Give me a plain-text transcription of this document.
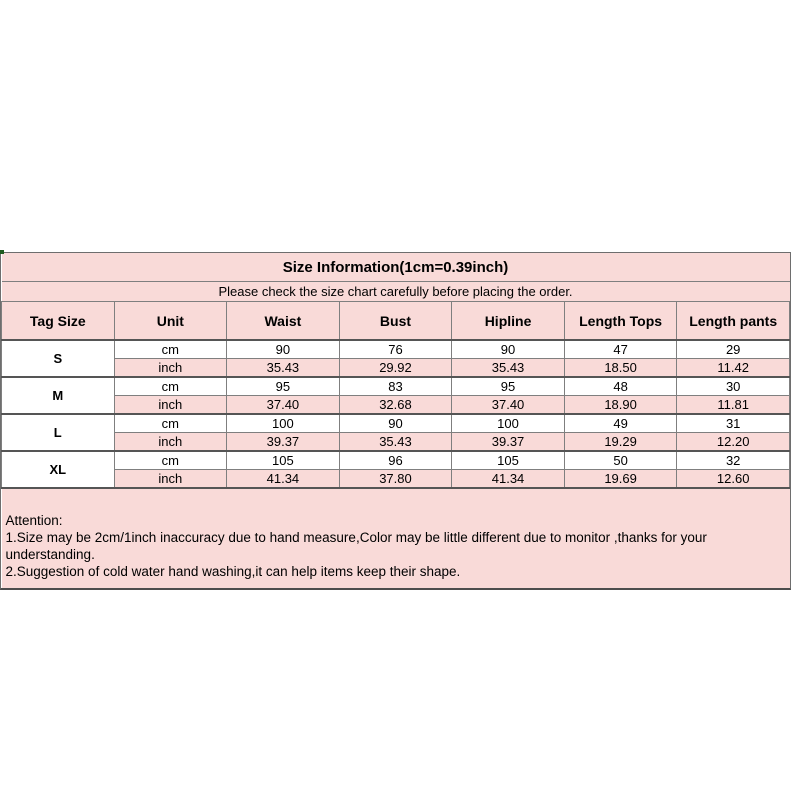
Size Information(1cm=0.39inch)						
Please check the size chart carefully before placing the order.						
Tag Size	Unit	Waist	Bust	Hipline	Length Tops	Length pants
S	cm	90	76	90	47	29
	inch	35.43	29.92	35.43	18.50	11.42
M	cm	95	83	95	48	30
	inch	37.40	32.68	37.40	18.90	11.81
L	cm	100	90	100	49	31
	inch	39.37	35.43	39.37	19.29	12.20
XL	cm	105	96	105	50	32
	inch	41.34	37.80	41.34	19.69	12.60

Attention:
1.Size may be 2cm/1inch inaccuracy due to hand measure,Color may be little different due to monitor ,thanks for your understanding.
2.Suggestion of cold water hand washing,it can help items keep their shape.						
